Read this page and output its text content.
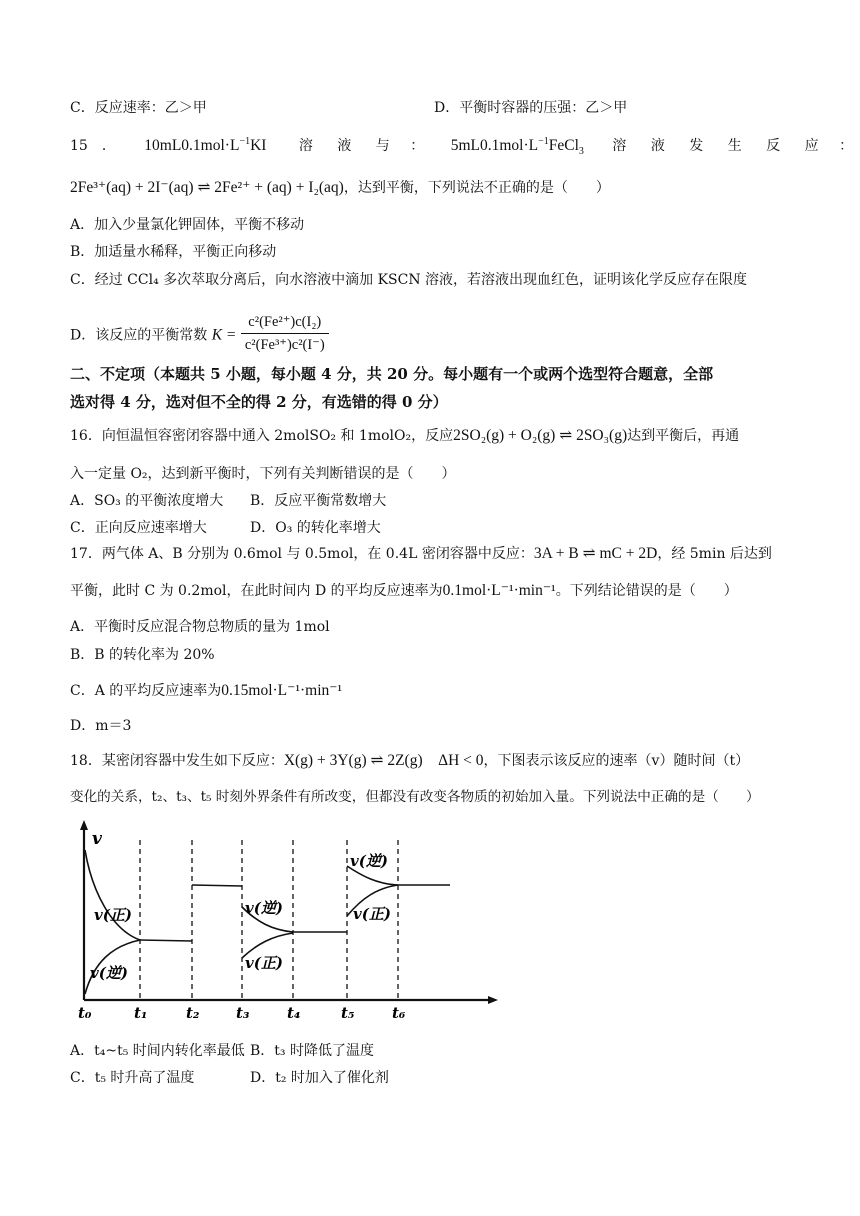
C．反应速率：乙＞甲	D．平衡时容器的压强：乙＞甲
15　． $10mL0.1mol\cdot L^{-1}KI$ 溶 液 与 ： $5mL0.1mol\cdot L^{-1}FeCl_3$ 溶 液 发 生 反 应 ：
2Fe³⁺(aq) + 2I⁻(aq) ⇌ 2Fe²⁺ + (aq) + I₂(aq)，达到平衡，下列说法不正确的是（　　）
A．加入少量氯化钾固体，平衡不移动
B．加适量水稀释，平衡正向移动
C．经过 CCl₄ 多次萃取分离后，向水溶液中滴加 KSCN 溶液，若溶液出现血红色，证明该化学反应存在限度
D．该反应的平衡常数 $K = \frac{\text{c²(Fe²⁺)c(I₂)}}{\text{c²(Fe³⁺)c²(I⁻)}}$
二、不定项（本题共 5 小题，每小题 4 分，共 20 分。每小题有一个或两个选型符合题意，全部
选对得 4 分，选对但不全的得 2 分，有选错的得 0 分）
16．向恒温恒容密闭容器中通入 2molSO₂ 和 1molO₂，反应2SO₂(g) + O₂(g) ⇌ 2SO₃(g)达到平衡后，再通
入一定量 O₂，达到新平衡时，下列有关判断错误的是（　　）
A．SO₃ 的平衡浓度增大 B．反应平衡常数增大
C．正向反应速率增大	D．O₃ 的转化率增大
17．两气体 A、B 分别为 0.6mol 与 0.5mol，在 0.4L 密闭容器中反应：3A + B ⇌ mC + 2D，经 5min 后达到
平衡，此时 C 为 0.2mol，在此时间内 D 的平均反应速率为0.1mol·L⁻¹·min⁻¹。下列结论错误的是（　　）
A．平衡时反应混合物总物质的量为 1mol
B．B 的转化率为 20%
C．A 的平均反应速率为0.15mol·L⁻¹·min⁻¹
D．m＝3
18．某密闭容器中发生如下反应：X(g) + 3Y(g) ⇌ 2Z(g)　ΔH < 0，下图表示该反应的速率（v）随时间（t）
变化的关系，t₂、t₃、t₅ 时刻外界条件有所改变，但都没有改变各物质的初始加入量。下列说法中正确的是（　　）
v
v(正)
v(逆)
v(逆)
v(正)
v(逆)
v(正)
t₀	t₁	t₂ t₃	t₄	t₅	t₆
A．t₄~t₅ 时间内转化率最低 B．t₃ 时降低了温度
C．t₅ 时升高了温度	D．t₂ 时加入了催化剂
